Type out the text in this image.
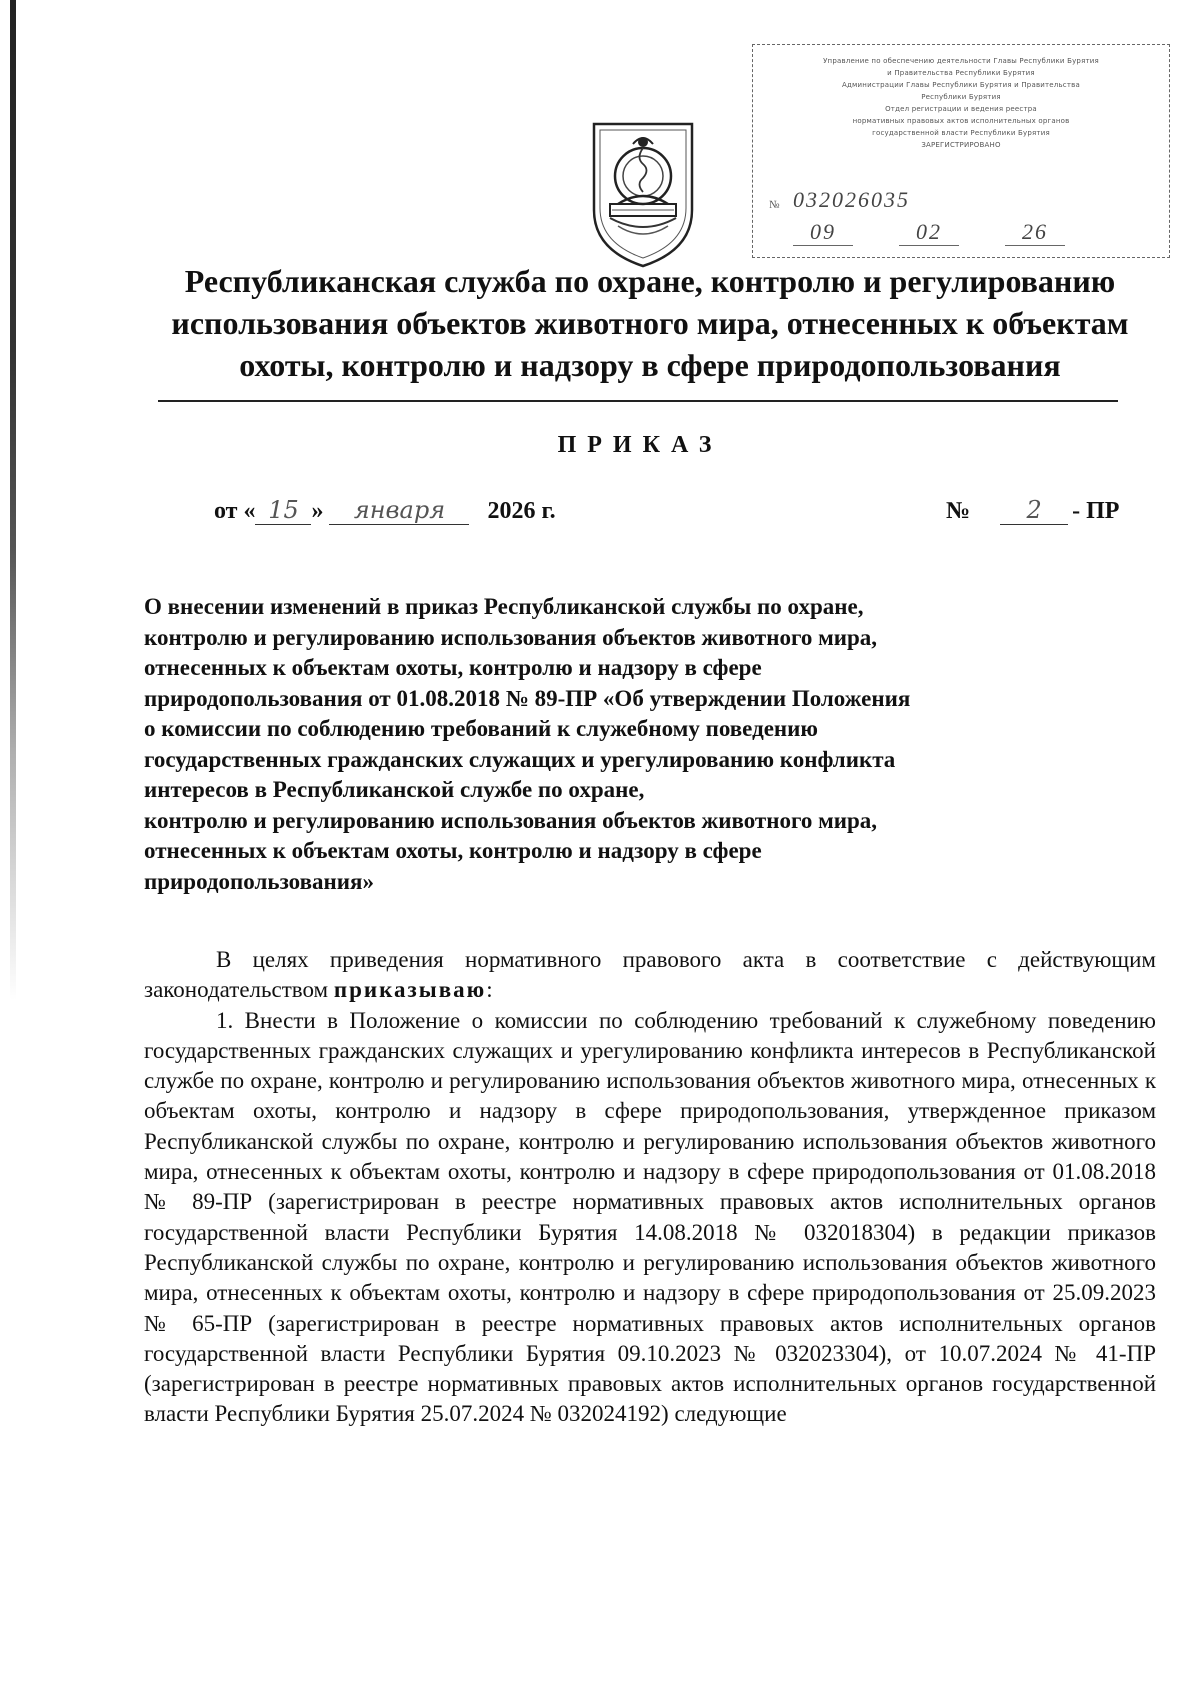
Управление по обеспечению деятельности Главы Республики Бурятия
и Правительства Республики Бурятия
Администрации Главы Республики Бурятия и Правительства
Республики Бурятия
Отдел регистрации и ведения реестра
нормативных правовых актов исполнительных органов
государственной власти Республики Бурятия
ЗАРЕГИСТРИРОВАНО
№ 032026035
09	02	26
Республиканская служба по охране, контролю и регулированию
использования объектов животного мира, отнесенных к объектам
охоты, контролю и надзору в сфере природопользования
ПРИКАЗ
от « 15 » января 2026 г.	№ 2 - ПР
О внесении изменений в приказ Республиканской службы по охране,
контролю и регулированию использования объектов животного мира,
отнесенных к объектам охоты, контролю и надзору в сфере
природопользования от 01.08.2018 № 89-ПР «Об утверждении Положения
о комиссии по соблюдению требований к служебному поведению
государственных гражданских служащих и урегулированию конфликта
интересов в Республиканской службе по охране,
контролю и регулированию использования объектов животного мира,
отнесенных к объектам охоты, контролю и надзору в сфере
природопользования»

В целях приведения нормативного правового акта в соответствие с действующим законодательством приказываю:

1. Внести в Положение о комиссии по соблюдению требований к служебному поведению государственных гражданских служащих и урегулированию конфликта интересов в Республиканской службе по охране, контролю и регулированию использования объектов животного мира, отнесенных к объектам охоты, контролю и надзору в сфере природопользования, утвержденное приказом Республиканской службы по охране, контролю и регулированию использования объектов животного мира, отнесенных к объектам охоты, контролю и надзору в сфере природопользования от 01.08.2018 № 89-ПР (зарегистрирован в реестре нормативных правовых актов исполнительных органов государственной власти Республики Бурятия 14.08.2018 № 032018304) в редакции приказов Республиканской службы по охране, контролю и регулированию использования объектов животного мира, отнесенных к объектам охоты, контролю и надзору в сфере природопользования от 25.09.2023 № 65-ПР (зарегистрирован в реестре нормативных правовых актов исполнительных органов государственной власти Республики Бурятия 09.10.2023 № 032023304), от 10.07.2024 № 41-ПР (зарегистрирован в реестре нормативных правовых актов исполнительных органов государственной власти Республики Бурятия 25.07.2024 № 032024192) следующие
